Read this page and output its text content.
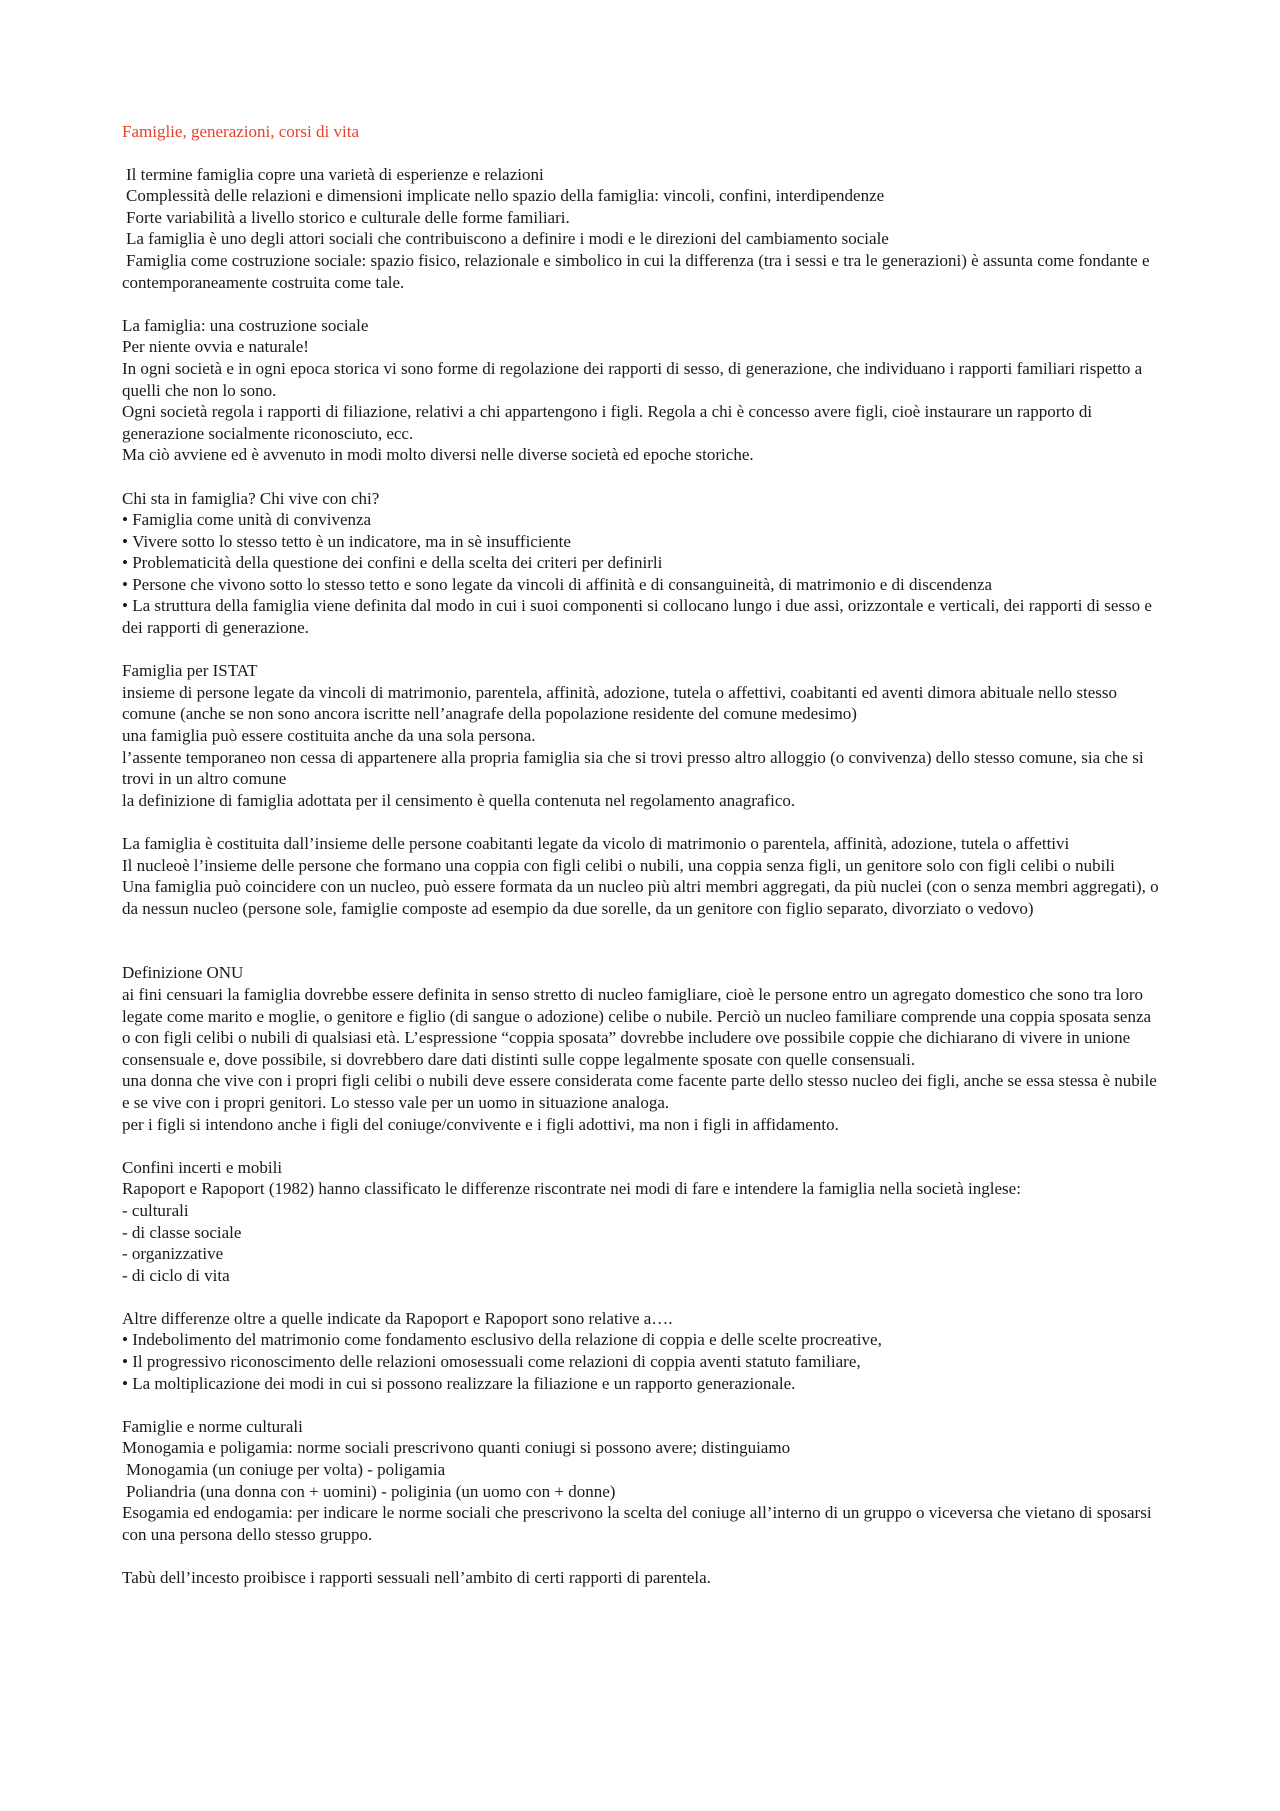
Famiglie, generazioni, corsi di vita
Il termine famiglia copre una varietà di esperienze e relazioni
Complessità delle relazioni e dimensioni implicate nello spazio della famiglia: vincoli, confini, interdipendenze
Forte variabilità a livello storico e culturale delle forme familiari.
La famiglia è uno degli attori sociali che contribuiscono a definire i modi e le direzioni del cambiamento sociale
Famiglia come costruzione sociale: spazio fisico, relazionale e simbolico in cui la differenza (tra i sessi e tra le generazioni) è assunta come fondante e contemporaneamente costruita come tale.
La famiglia: una costruzione sociale
Per niente ovvia e naturale!
In ogni società e in ogni epoca storica vi sono forme di regolazione dei rapporti di sesso, di generazione, che individuano i rapporti familiari rispetto a quelli che non lo sono.
Ogni società regola i rapporti di filiazione, relativi a chi appartengono i figli. Regola a chi è concesso avere figli, cioè instaurare un rapporto di generazione socialmente riconosciuto, ecc.
Ma ciò avviene ed è avvenuto in modi molto diversi nelle diverse società ed epoche storiche.
Chi sta in famiglia? Chi vive con chi?
• Famiglia come unità di convivenza
• Vivere sotto lo stesso tetto è un indicatore, ma in sè insufficiente
• Problematicità della questione dei confini e della scelta dei criteri per definirli
• Persone che vivono sotto lo stesso tetto e sono legate da vincoli di affinità e di consanguineità, di matrimonio e di discendenza
• La struttura della famiglia viene definita dal modo in cui i suoi componenti si collocano lungo i due assi, orizzontale e verticali, dei rapporti di sesso e dei rapporti di generazione.
Famiglia per ISTAT
insieme di persone legate da vincoli di matrimonio, parentela, affinità, adozione, tutela o affettivi, coabitanti ed aventi dimora abituale nello stesso comune (anche se non sono ancora iscritte nell’anagrafe della popolazione residente del comune medesimo)
una famiglia può essere costituita anche da una sola persona.
l’assente temporaneo non cessa di appartenere alla propria famiglia sia che si trovi presso altro alloggio (o convivenza) dello stesso comune, sia che si trovi in un altro comune
la definizione di famiglia adottata per il censimento è quella contenuta nel regolamento anagrafico.
La famiglia è costituita dall’insieme delle persone coabitanti legate da vicolo di matrimonio o parentela, affinità, adozione, tutela o affettivi
Il nucleoè l’insieme delle persone che formano una coppia con figli celibi o nubili, una coppia senza figli, un genitore solo con figli celibi o nubili
Una famiglia può coincidere con un nucleo, può essere formata da un nucleo più altri membri aggregati, da più nuclei (con o senza membri aggregati), o da nessun nucleo (persone sole, famiglie composte ad esempio da due sorelle, da un genitore con figlio separato, divorziato o vedovo)
Definizione ONU
ai fini censuari la famiglia dovrebbe essere definita in senso stretto di nucleo famigliare, cioè le persone entro un agregato domestico che sono tra loro legate come marito e moglie, o genitore e figlio (di sangue o adozione) celibe o nubile. Perciò un nucleo familiare comprende una coppia sposata senza o con figli celibi o nubili di qualsiasi età. L’espressione “coppia sposata” dovrebbe includere ove possibile coppie che dichiarano di vivere in unione consensuale e, dove possibile, si dovrebbero dare dati distinti sulle coppe legalmente sposate con quelle consensuali.
una donna che vive con i propri figli celibi o nubili deve essere considerata come facente parte dello stesso nucleo dei figli, anche se essa stessa è nubile e se vive con i propri genitori. Lo stesso vale per un uomo in situazione analoga.
per i figli si intendono anche i figli del coniuge/convivente e i figli adottivi, ma non i figli in affidamento.
Confini incerti e mobili
Rapoport e Rapoport (1982) hanno classificato le differenze riscontrate nei modi di fare e intendere la famiglia nella società inglese:
- culturali
- di classe sociale
- organizzative
- di ciclo di vita
Altre differenze oltre a quelle indicate da Rapoport e Rapoport sono relative a….
• Indebolimento del matrimonio come fondamento esclusivo della relazione di coppia e delle scelte procreative,
• Il progressivo riconoscimento delle relazioni omosessuali come relazioni di coppia aventi statuto familiare,
• La moltiplicazione dei modi in cui si possono realizzare la filiazione e un rapporto generazionale.
Famiglie e norme culturali
Monogamia e poligamia: norme sociali prescrivono quanti coniugi si possono avere; distinguiamo
Monogamia (un coniuge per volta) - poligamia
Poliandria (una donna con + uomini) - poliginia (un uomo con + donne)
Esogamia ed endogamia: per indicare le norme sociali che prescrivono la scelta del coniuge all’interno di un gruppo o viceversa che vietano di sposarsi con una persona dello stesso gruppo.
Tabù dell’incesto proibisce i rapporti sessuali nell’ambito di certi rapporti di parentela.
